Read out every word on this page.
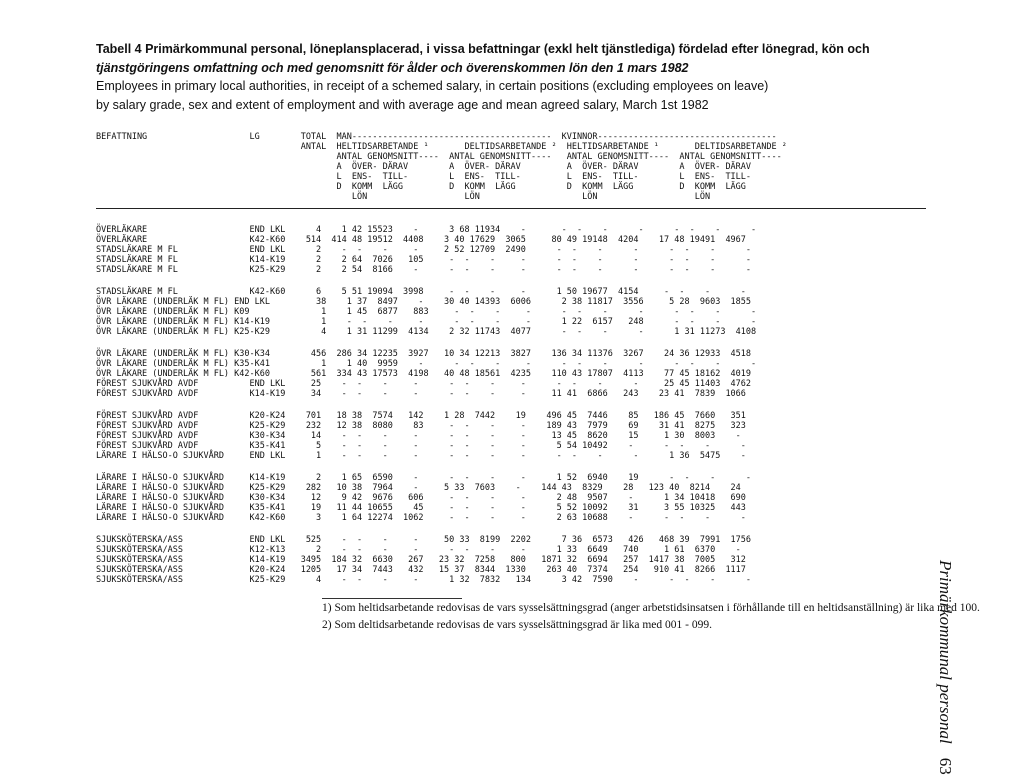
Tabell 4 Primärkommunal personal, löneplansplacerad, i vissa befattningar (exkl helt tjänstlediga) fördelad efter lönegrad, kön och
tjänstgöringens omfattning och med genomsnitt för ålder och överenskommen lön den 1 mars 1982
Employees in primary local authorities, in receipt of a schemed salary, in certain positions (excluding employees on leave)
by salary grade, sex and extent of employment and with average age and mean agreed salary, March 1st 1982
BEFATTNING                    LG        TOTAL  MAN---------------------------------------  KVINNOR-----------------------------------
ANTAL  HELTIDSARBETANDE ¹       DELTIDSARBETANDE ²  HELTIDSARBETANDE ¹       DELTIDSARBETANDE ²
ANTAL GENOMSNITT----  ANTAL GENOMSNITT----   ANTAL GENOMSNITT----  ANTAL GENOMSNITT----
A  ÖVER- DÄRAV        A  ÖVER- DÄRAV         A  ÖVER- DÄRAV        A  ÖVER- DÄRAV
L  ENS-  TILL-        L  ENS-  TILL-         L  ENS-  TILL-        L  ENS-  TILL-
D  KOMM  LÄGG         D  KOMM  LÄGG          D  KOMM  LÄGG         D  KOMM  LÄGG
LÖN                   LÖN                    LÖN                   LÖN
ÖVERLÄKARE                    END LKL      4    1 42 15523    -      3 68 11934    -       -  -    -      -      -  -    -      -
ÖVERLÄKARE                    K42-K60    514  414 48 19512  4408    3 40 17629  3065     80 49 19148  4204    17 48 19491  4967
STADSLÄKARE M FL              END LKL      2    -  -    -     -     2 52 12709  2490      -  -    -      -      -  -    -      -
STADSLÄKARE M FL              K14-K19      2    2 64  7026   105     -  -    -     -      -  -    -      -      -  -    -      -
STADSLÄKARE M FL              K25-K29      2    2 54  8166    -      -  -    -     -      -  -    -      -      -  -    -      -
STADSLÄKARE M FL              K42-K60      6    5 51 19094  3998     -  -    -     -      1 50 19677  4154     -  -    -      -
ÖVR LÄKARE (UNDERLÄK M FL) END LKL         38    1 37  8497    -    30 40 14393  6006      2 38 11817  3556     5 28  9603  1855
ÖVR LÄKARE (UNDERLÄK M FL) K09              1    1 45  6877   883     -  -    -     -      -  -    -      -      -  -    -      -
ÖVR LÄKARE (UNDERLÄK M FL) K14-K19          1    -  -    -     -      -  -    -     -      1 22  6157   248      -  -    -      -
ÖVR LÄKARE (UNDERLÄK M FL) K25-K29          4    1 31 11299  4134    2 32 11743  4077      -  -    -      -      1 31 11273  4108
ÖVR LÄKARE (UNDERLÄK M FL) K30-K34        456  286 34 12235  3927   10 34 12213  3827    136 34 11376  3267    24 36 12933  4518
ÖVR LÄKARE (UNDERLÄK M FL) K35-K41          1    1 40  9959    -      -  -    -     -      -  -    -      -      -  -    -      -
ÖVR LÄKARE (UNDERLÄK M FL) K42-K60        561  334 43 17573  4198   40 48 18561  4235    110 43 17807  4113    77 45 18162  4019
FÖREST SJUKVÅRD AVDF          END LKL     25    -  -    -     -      -  -    -     -      -  -    -      -     25 45 11403  4762
FÖREST SJUKVÅRD AVDF          K14-K19     34    -  -    -     -      -  -    -     -     11 41  6866   243    23 41  7839  1066
FÖREST SJUKVÅRD AVDF          K20-K24    701   18 38  7574   142    1 28  7442    19    496 45  7446    85   186 45  7660   351
FÖREST SJUKVÅRD AVDF          K25-K29    232   12 38  8080    83     -  -    -     -    189 43  7979    69    31 41  8275   323
FÖREST SJUKVÅRD AVDF          K30-K34     14    -  -    -     -      -  -    -     -     13 45  8620    15     1 30  8003    -
FÖREST SJUKVÅRD AVDF          K35-K41      5    -  -    -     -      -  -    -     -      5 54 10492    -      -  -    -      -
LÄRARE I HÄLSO-O SJUKVÅRD     END LKL      1    -  -    -     -      -  -    -     -      -  -    -      -      1 36  5475    -
LÄRARE I HÄLSO-O SJUKVÅRD     K14-K19      2    1 65  6590    -      -  -    -     -      1 52  6940    19      -  -    -      -
LÄRARE I HÄLSO-O SJUKVÅRD     K25-K29    282   10 38  7964    -     5 33  7603    -    144 43  8329    28   123 40  8214    24
LÄRARE I HÄLSO-O SJUKVÅRD     K30-K34     12    9 42  9676   606     -  -    -     -      2 48  9507    -      1 34 10418   690
LÄRARE I HÄLSO-O SJUKVÅRD     K35-K41     19   11 44 10655    45     -  -    -     -      5 52 10092    31     3 55 10325   443
LÄRARE I HÄLSO-O SJUKVÅRD     K42-K60      3    1 64 12274  1062     -  -    -     -      2 63 10688    -      -  -    -      -
SJUKSKÖTERSKA/ASS             END LKL    525    -  -    -     -     50 33  8199  2202      7 36  6573   426   468 39  7991  1756
SJUKSKÖTERSKA/ASS             K12-K13      2    -  -    -     -      -  -    -     -      1 33  6649   740     1 61  6370    -
SJUKSKÖTERSKA/ASS             K14-K19   3495  184 32  6630   267   23 32  7258   800   1871 32  6694   257  1417 38  7005   312
SJUKSKÖTERSKA/ASS             K20-K24   1205   17 34  7443   432   15 37  8344  1330    263 40  7374   254   910 41  8266  1117
SJUKSKÖTERSKA/ASS             K25-K29      4    -  -    -     -      1 32  7832   134      3 42  7590    -      -  -    -      -
1) Som heltidsarbetande redovisas de vars sysselsättningsgrad (anger arbetstidsinsatsen i förhållande till en heltidsanställning) är lika med 100.
2) Som deltidsarbetande redovisas de vars sysselsättningsgrad är lika med 001 - 099.	Primärkommunal personal63
